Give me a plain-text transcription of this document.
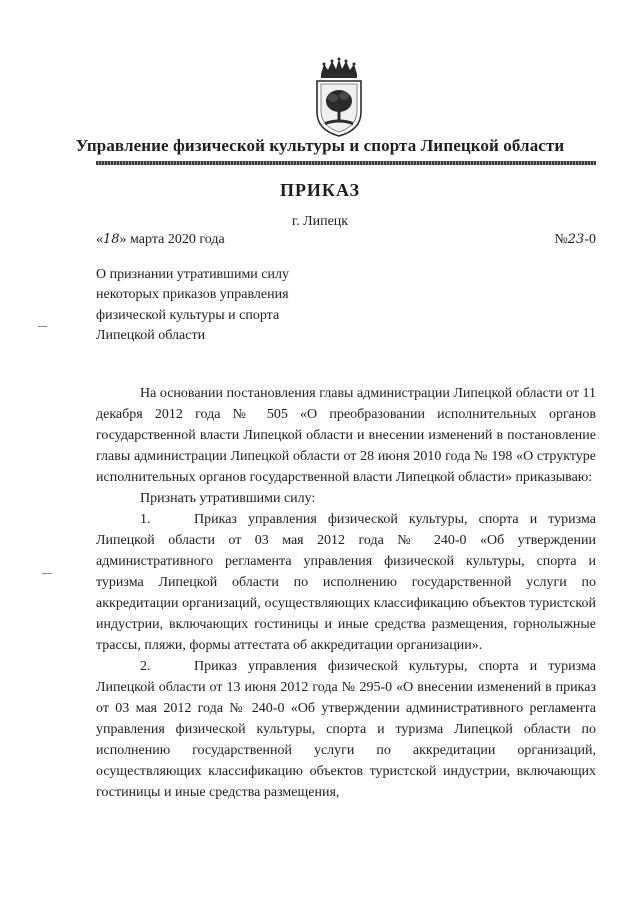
Управление физической культуры и спорта Липецкой области
ПРИКАЗ
г. Липецк
«18» марта 2020 года	№23-0
О признании утратившими силу
некоторых приказов управления
физической культуры и спорта
Липецкой области

На основании постановления главы администрации Липецкой области от 11 декабря 2012 года № 505 «О преобразовании исполнительных органов государственной власти Липецкой области и внесении изменений в постановление главы администрации Липецкой области от 28 июня 2010 года № 198 «О структуре исполнительных органов государственной власти Липецкой области» приказываю:

Признать утратившими силу:

1.	Приказ управления физической культуры, спорта и туризма Липецкой области от 03 мая 2012 года № 240-0 «Об утверждении административного регламента управления физической культуры, спорта и туризма Липецкой области по исполнению государственной услуги по аккредитации организаций, осуществляющих классификацию объектов туристской индустрии, включающих гостиницы и иные средства размещения, горнолыжные трассы, пляжи, формы аттестата об аккредитации организации».

2.	Приказ управления физической культуры, спорта и туризма Липецкой области от 13 июня 2012 года № 295-0 «О внесении изменений в приказ от 03 мая 2012 года № 240-0 «Об утверждении административного регламента управления физической культуры, спорта и туризма Липецкой области по исполнению государственной услуги по аккредитации организаций, осуществляющих классификацию объектов туристской индустрии, включающих гостиницы и иные средства размещения,
